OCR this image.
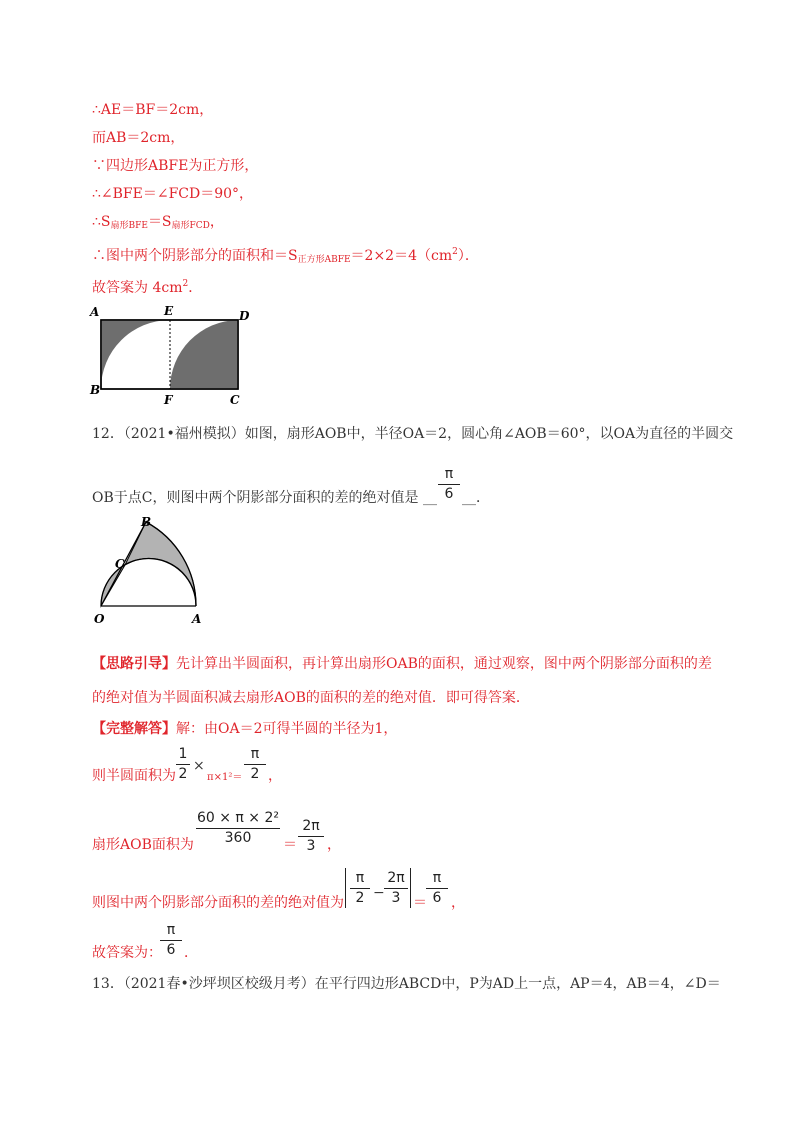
∴AE＝BF＝2cm，
而AB＝2cm，
∵四边形ABFE为正方形，
∴∠BFE＝∠FCD＝90°，
$\therefore S_{扇形BFE}=S_{扇形FCD}$，
∴图中两个阴影部分的面积和$=S_{正方形ABFE}=2\times 2=4(cm^2)$．
故答案为 $4cm^2$．
A	E	D
B
F	C
12．（2021•福州模拟）如图，扇形AOB中，半径OA＝2，圆心角∠AOB＝60°，以OA为直径的半圆交
OB于点C，则图中两个阴影部分面积的差的绝对值是 __
π
6 __．
B
C
O	A
【思路引导】先计算出半圆面积，再计算出扇形OAB的面积，通过观察，图中两个阴影部分面积的差
的绝对值为半圆面积减去扇形AOB的面积的差的绝对值．即可得答案．
【完整解答】解：由OA＝2可得半圆的半径为1，
则半圆面积为
1
2 ×
π×1²＝
π
2 ，
扇形AOB面积为
60 × π × 2²
360	＝
2π
3 ，
则图中两个阴影部分面积的差的绝对值为
π
2 −
2π
3 ＝
π
6 ，
故答案为：
π
6 ．
13．（2021春•沙坪坝区校级月考）在平行四边形ABCD中，P为AD上一点，AP＝4，AB＝4，∠D＝
